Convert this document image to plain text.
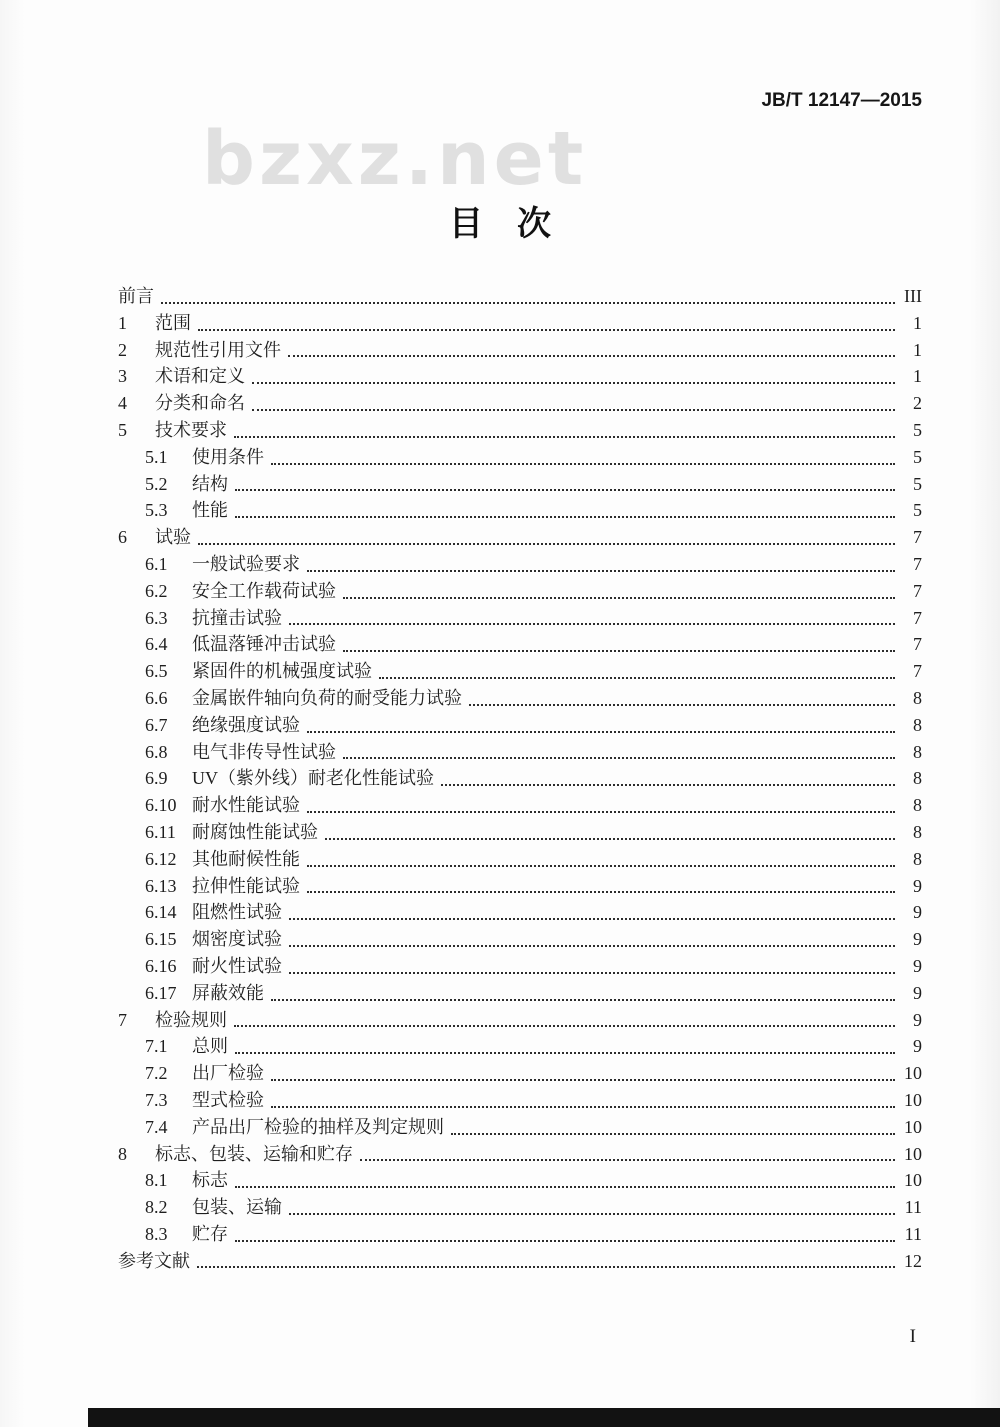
JB/T 12147—2015
bzxz.net
目　次
前言	III
1	范围	1
2	规范性引用文件	1
3	术语和定义	1
4	分类和命名	2
5	技术要求	5
5.1	使用条件	5
5.2	结构	5
5.3	性能	5
6	试验	7
6.1	一般试验要求	7
6.2	安全工作载荷试验	7
6.3	抗撞击试验	7
6.4	低温落锤冲击试验	7
6.5	紧固件的机械强度试验	7
6.6	金属嵌件轴向负荷的耐受能力试验	8
6.7	绝缘强度试验	8
6.8	电气非传导性试验	8
6.9	UV（紫外线）耐老化性能试验	8
6.10 耐水性能试验	8
6.11 耐腐蚀性能试验	8
6.12 其他耐候性能	8
6.13 拉伸性能试验	9
6.14 阻燃性试验	9
6.15 烟密度试验	9
6.16 耐火性试验	9
6.17 屏蔽效能	9
7	检验规则	9
7.1	总则	9
7.2	出厂检验	10
7.3	型式检验	10
7.4	产品出厂检验的抽样及判定规则	10
8	标志、包装、运输和贮存	10
8.1	标志	10
8.2	包装、运输	11
8.3	贮存	11
参考文献	12
I
